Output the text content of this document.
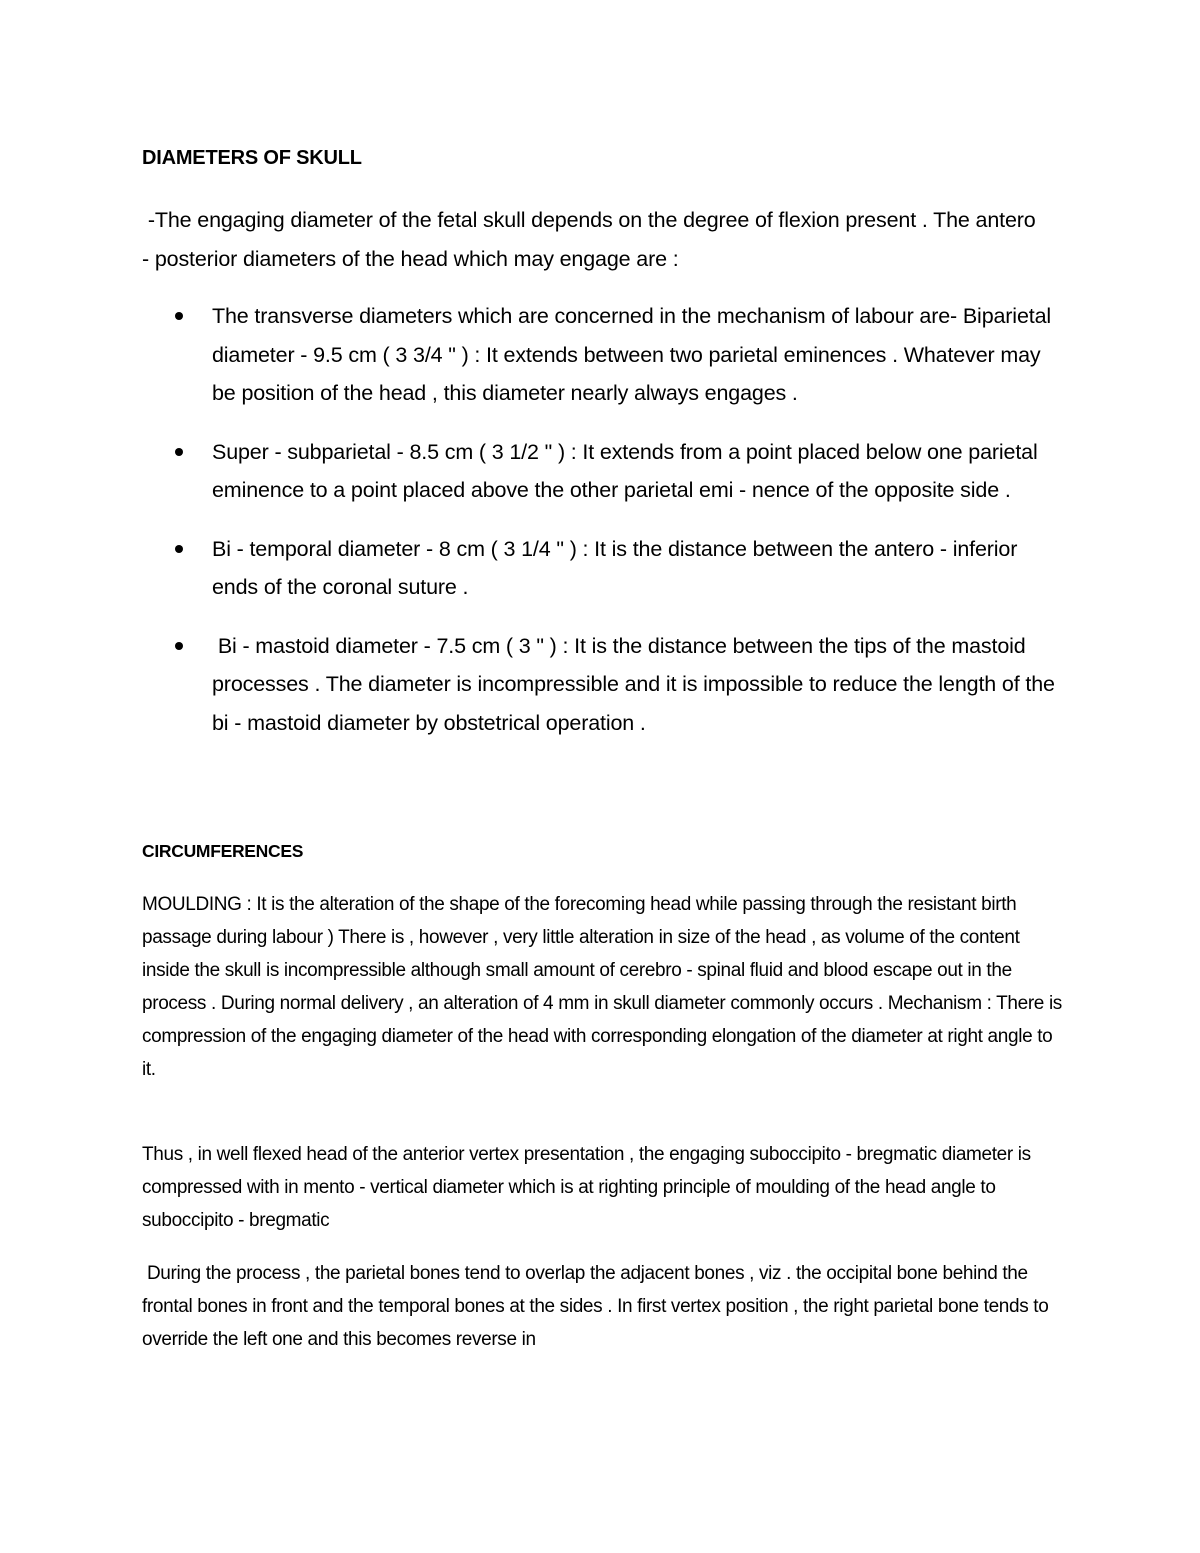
DIAMETERS OF SKULL

-The engaging diameter of the fetal skull depends on the degree of flexion present . The antero - posterior diameters of the head which may engage are :

The transverse diameters which are concerned in the mechanism of labour are- Biparietal diameter - 9.5 cm ( 3 3/4 " ) : It extends between two parietal eminences . Whatever may be position of the head , this diameter nearly always engages .
Super - subparietal - 8.5 cm ( 3 1/2 " ) : It extends from a point placed below one parietal eminence to a point placed above the other parietal emi - nence of the opposite side .
Bi - temporal diameter - 8 cm ( 3 1/4 " ) : It is the distance between the antero - inferior ends of the coronal suture .
Bi - mastoid diameter - 7.5 cm ( 3 " ) : It is the distance between the tips of the mastoid processes . The diameter is incompressible and it is impossible to reduce the length of the bi - mastoid diameter by obstetrical operation .
CIRCUMFERENCES

MOULDING : It is the alteration of the shape of the forecoming head while passing through the resistant birth passage during labour ) There is , however , very little alteration in size of the head , as volume of the content inside the skull is incompressible although small amount of cerebro - spinal fluid and blood escape out in the process . During normal delivery , an alteration of 4 mm in skull diameter commonly occurs . Mechanism : There is compression of the engaging diameter of the head with corresponding elongation of the diameter at right angle to it.

Thus , in well flexed head of the anterior vertex presentation , the engaging suboccipito - bregmatic diameter is compressed with in mento - vertical diameter which is at righting principle of moulding of the head angle to suboccipito - bregmatic

During the process , the parietal bones tend to overlap the adjacent bones , viz . the occipital bone behind the frontal bones in front and the temporal bones at the sides . In first vertex position , the right parietal bone tends to override the left one and this becomes reverse in
